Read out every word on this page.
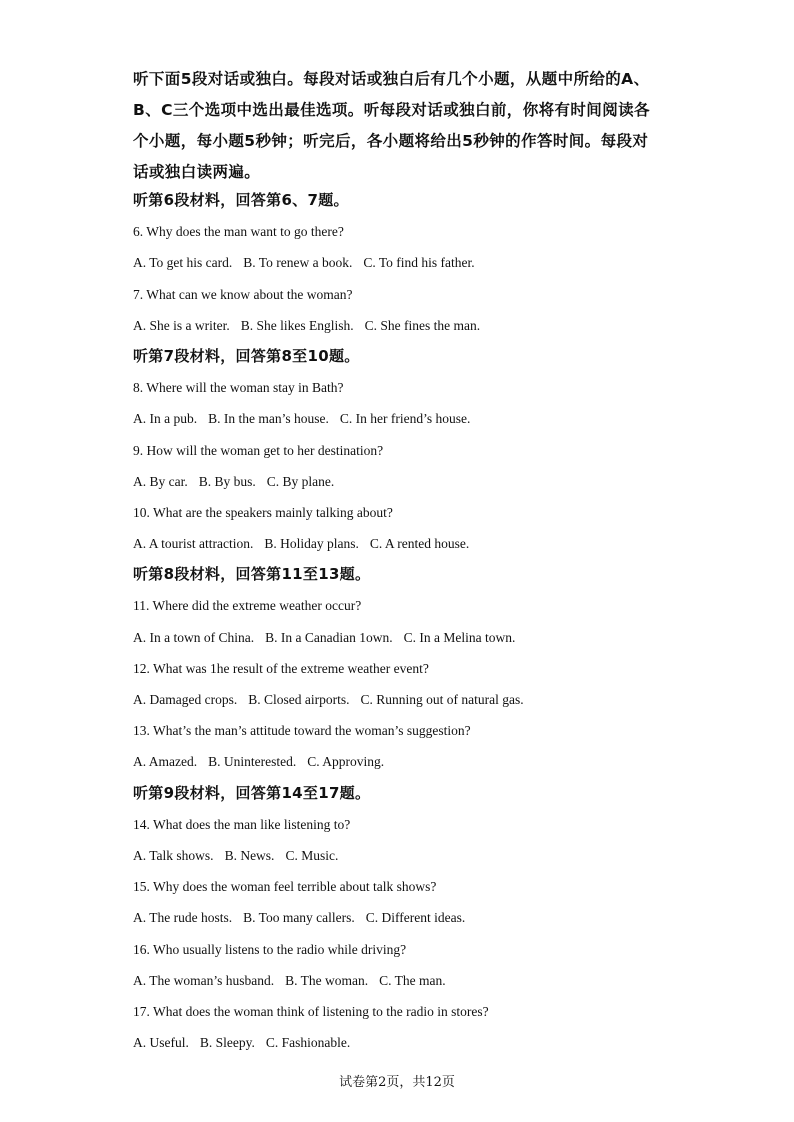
听下面5段对话或独白。每段对话或独白后有几个小题，从题中所给的A、B、C三个选项中选出最佳选项。听每段对话或独白前，你将有时间阅读各个小题，每小题5秒钟；听完后，各小题将给出5秒钟的作答时间。每段对话或独白读两遍。
听第6段材料，回答第6、7题。
6. Why does the man want to go there?
A. To get his card. B. To renew a book. C. To find his father.
7. What can we know about the woman?
A. She is a writer. B. She likes English. C. She fines the man.
听第7段材料，回答第8至10题。
8. Where will the woman stay in Bath?
A. In a pub. B. In the man’s house. C. In her friend’s house.
9. How will the woman get to her destination?
A. By car. B. By bus. C. By plane.
10. What are the speakers mainly talking about?
A. A tourist attraction. B. Holiday plans. C. A rented house.
听第8段材料，回答第11至13题。
11. Where did the extreme weather occur?
A. In a town of China. B. In a Canadian 1own. C. In a Melina town.
12. What was 1he result of the extreme weather event?
A. Damaged crops. B. Closed airports. C. Running out of natural gas.
13. What’s the man’s attitude toward the woman’s suggestion?
A. Amazed. B. Uninterested. C. Approving.
听第9段材料，回答第14至17题。
14. What does the man like listening to?
A. Talk shows. B. News. C. Music.
15. Why does the woman feel terrible about talk shows?
A. The rude hosts. B. Too many callers. C. Different ideas.
16. Who usually listens to the radio while driving?
A. The woman’s husband. B. The woman. C. The man.
17. What does the woman think of listening to the radio in stores?
A. Useful. B. Sleepy. C. Fashionable.
试卷第2页，共12页
